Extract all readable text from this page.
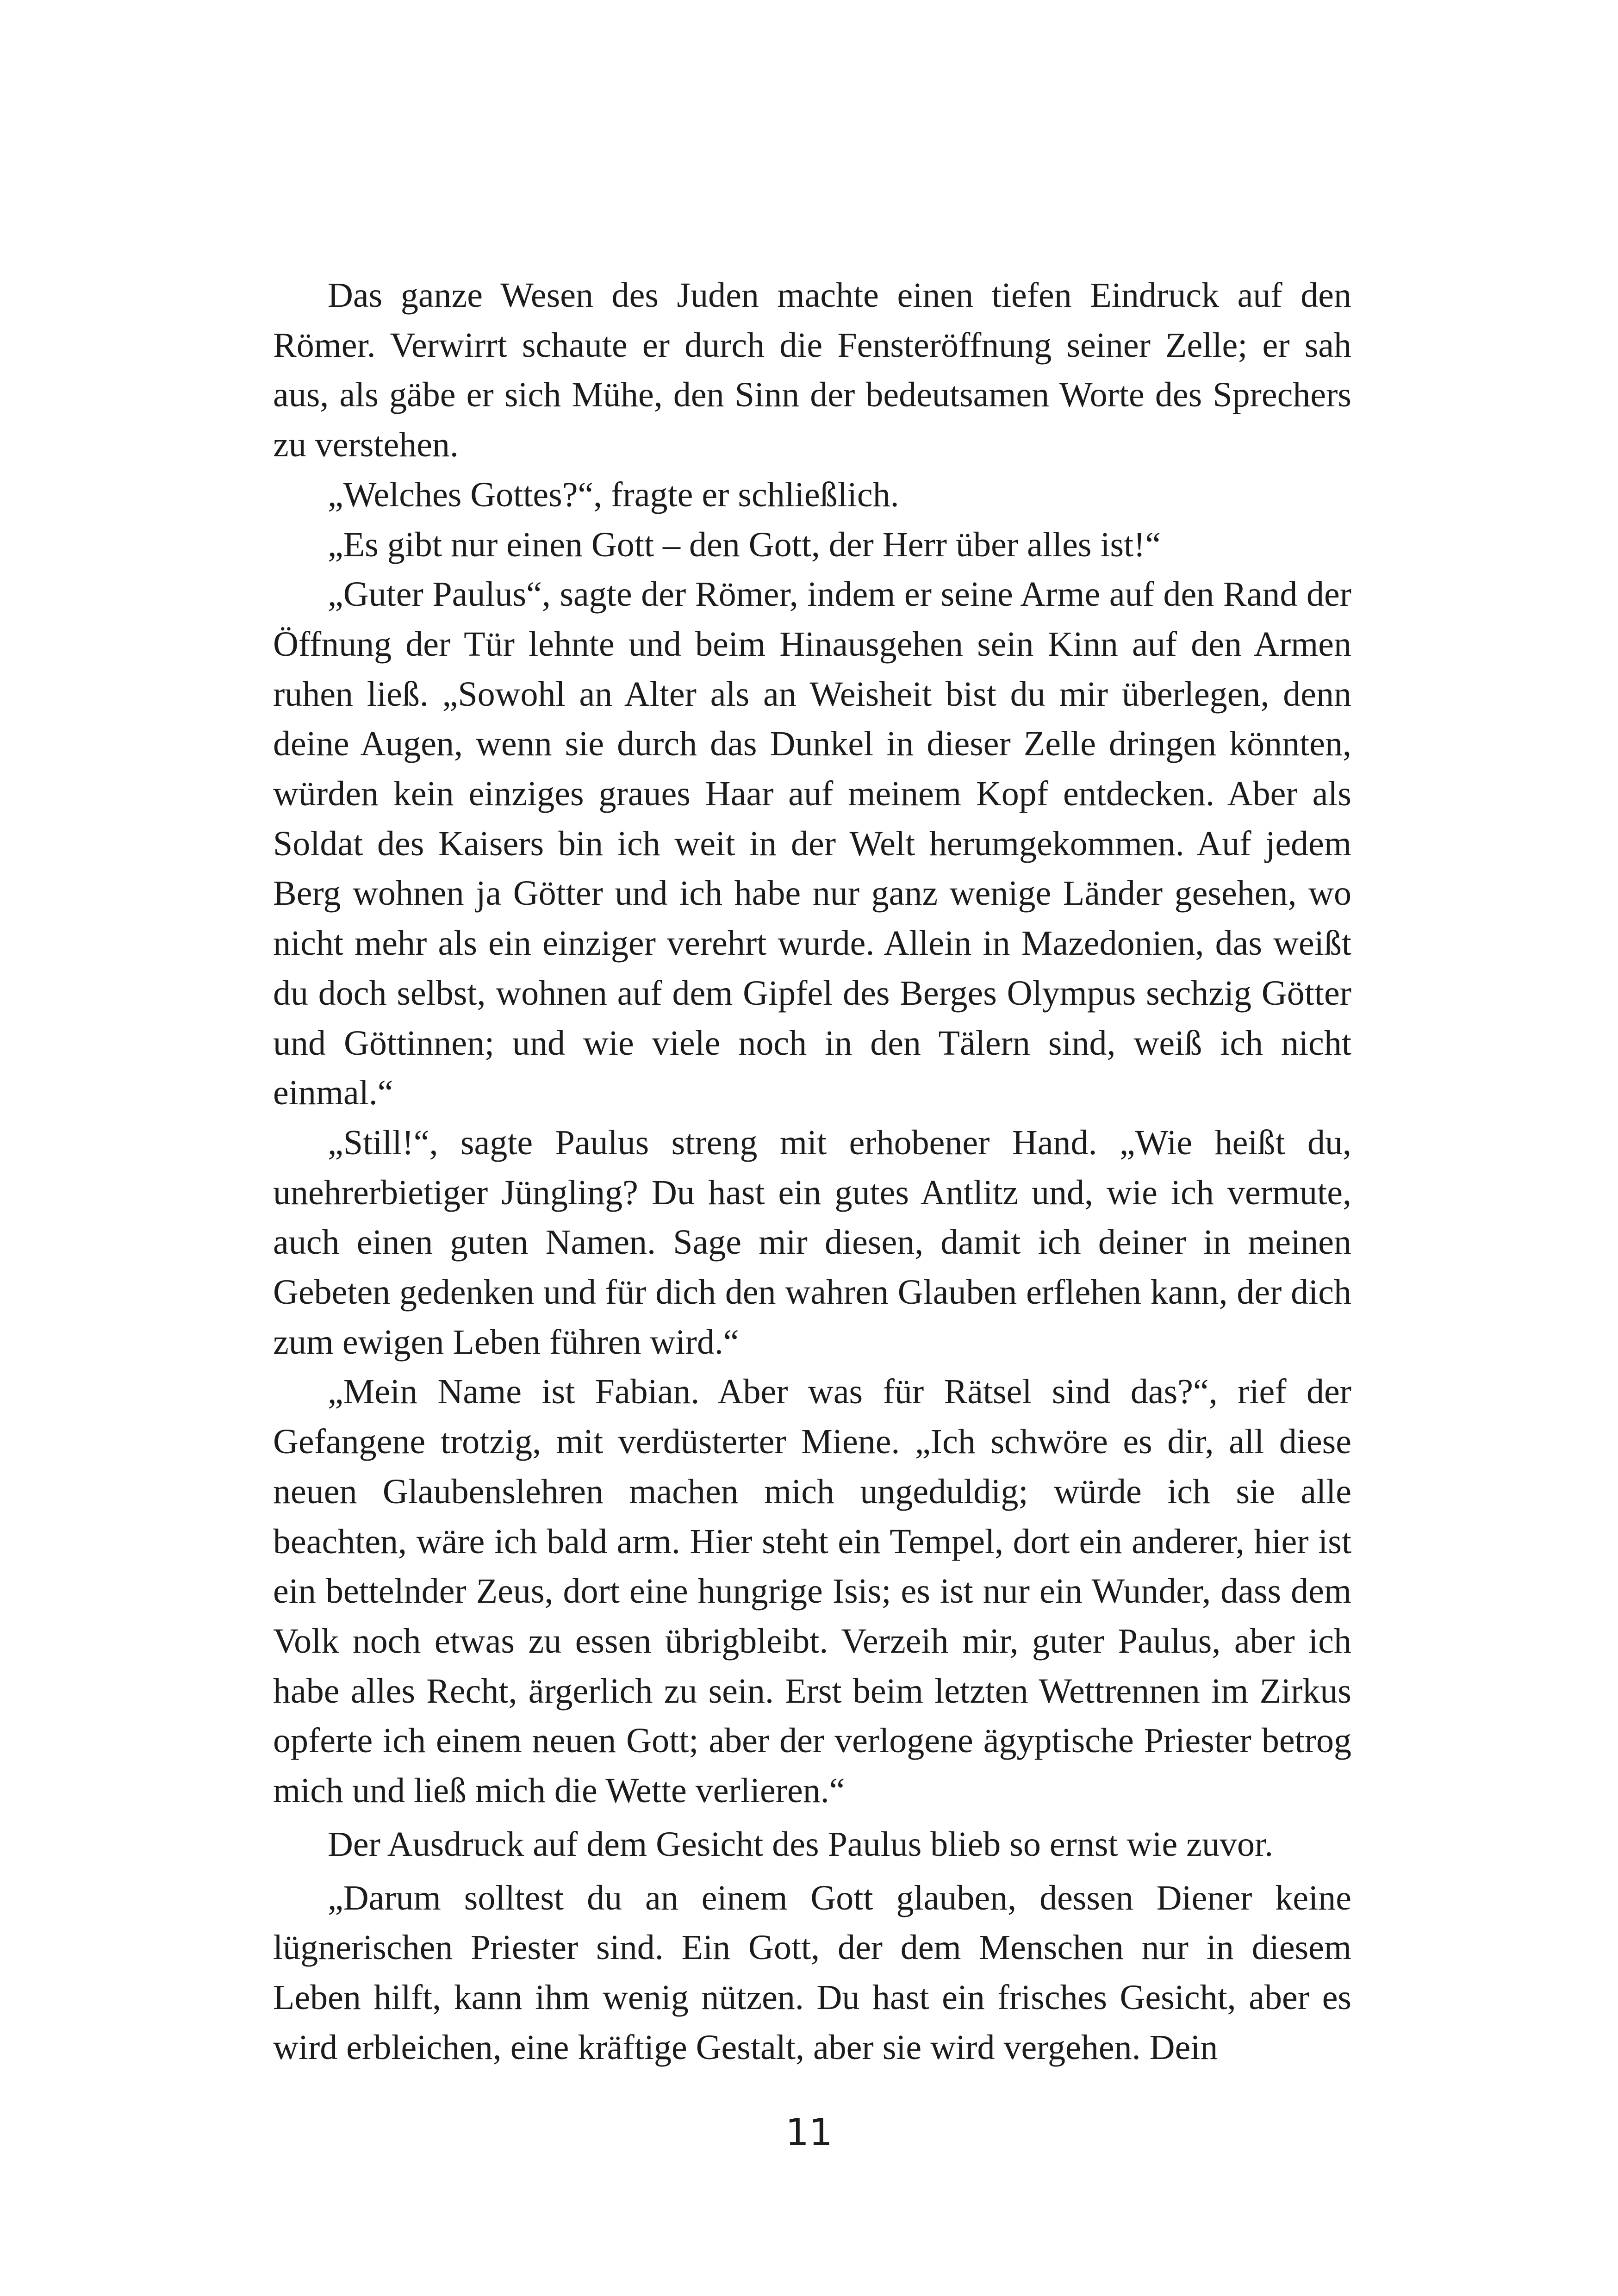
Das ganze Wesen des Juden machte einen tiefen Eindruck auf den Römer. Verwirrt schaute er durch die Fensteröffnung seiner Zelle; er sah aus, als gäbe er sich Mühe, den Sinn der bedeutsamen Worte des Sprechers zu verstehen.

„Welches Gottes?“, fragte er schließlich.

„Es gibt nur einen Gott – den Gott, der Herr über alles ist!“

„Guter Paulus“, sagte der Römer, indem er seine Arme auf den Rand der Öffnung der Tür lehnte und beim Hinausgehen sein Kinn auf den Armen ruhen ließ. „Sowohl an Alter als an Weisheit bist du mir überlegen, denn deine Augen, wenn sie durch das Dunkel in dieser Zelle dringen könnten, würden kein einziges graues Haar auf meinem Kopf entdecken. Aber als Soldat des Kaisers bin ich weit in der Welt herumgekommen. Auf jedem Berg wohnen ja Götter und ich habe nur ganz wenige Länder gesehen, wo nicht mehr als ein einziger verehrt wurde. Allein in Mazedonien, das weißt du doch selbst, wohnen auf dem Gipfel des Berges Olympus sechzig Götter und Göttinnen; und wie viele noch in den Tälern sind, weiß ich nicht einmal.“

„Still!“, sagte Paulus streng mit erhobener Hand. „Wie heißt du, unehrerbietiger Jüngling? Du hast ein gutes Antlitz und, wie ich vermute, auch einen guten Namen. Sage mir diesen, damit ich deiner in meinen Gebeten gedenken und für dich den wahren Glauben erflehen kann, der dich zum ewigen Leben führen wird.“

„Mein Name ist Fabian. Aber was für Rätsel sind das?“, rief der Gefangene trotzig, mit verdüsterter Miene. „Ich schwöre es dir, all diese neuen Glaubenslehren machen mich ungeduldig; würde ich sie alle beachten, wäre ich bald arm. Hier steht ein Tempel, dort ein anderer, hier ist ein bettelnder Zeus, dort eine hungrige Isis; es ist nur ein Wunder, dass dem Volk noch etwas zu essen übrigbleibt. Verzeih mir, guter Paulus, aber ich habe alles Recht, ärgerlich zu sein. Erst beim letzten Wettrennen im Zirkus opferte ich einem neuen Gott; aber der verlogene ägyptische Priester betrog mich und ließ mich die Wette verlieren.“

Der Ausdruck auf dem Gesicht des Paulus blieb so ernst wie zuvor.

„Darum solltest du an einem Gott glauben, dessen Diener keine lügnerischen Priester sind. Ein Gott, der dem Menschen nur in diesem Leben hilft, kann ihm wenig nützen. Du hast ein frisches Gesicht, aber es wird erbleichen, eine kräftige Gestalt, aber sie wird vergehen. Dein

11
